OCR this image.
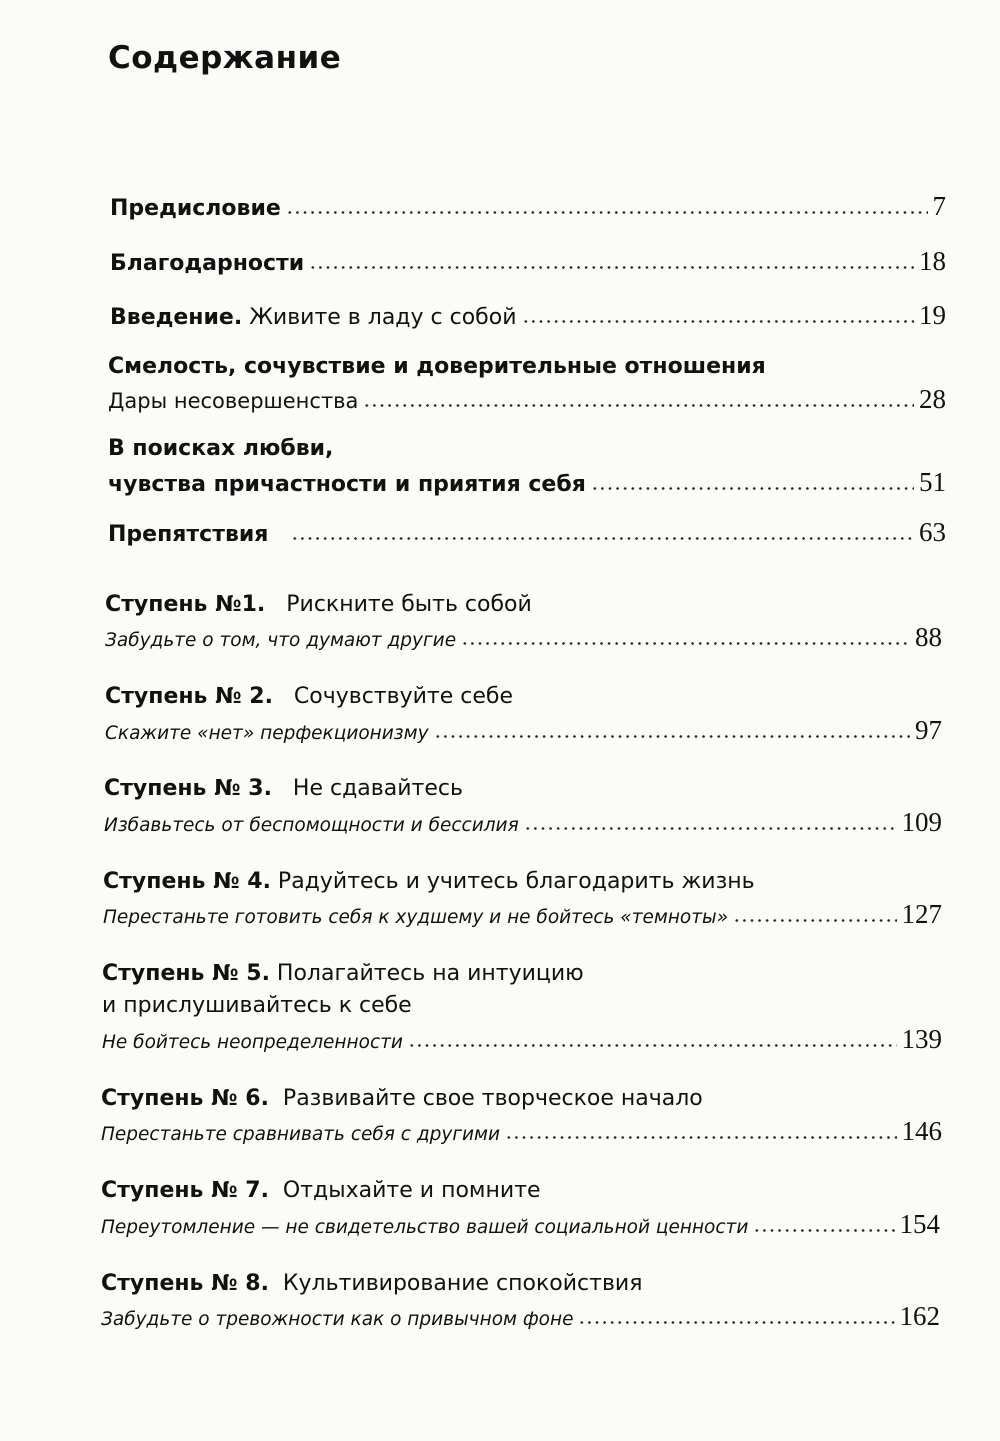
Содержание
Предисловие	7
Благодарности	18
Введение. Живите в ладу с собой	19
Смелость, сочувствие и доверительные отношения
Дары несовершенства	28
В поисках любви,
чувства причастности и приятия себя	51
Препятствия	63
Ступень №1. Рискните быть собой
Забудьте о том, что думают другие	88
Ступень № 2. Сочувствуйте себе
Скажите «нет» перфекционизму	97
Ступень № 3. Не сдавайтесь
Избавьтесь от беспомощности и бессилия	109
Ступень № 4. Радуйтесь и учитесь благодарить жизнь
Перестаньте готовить себя к худшему и не бойтесь «темноты»	127
Ступень № 5. Полагайтесь на интуицию
и прислушивайтесь к себе
Не бойтесь неопределенности	139
Ступень № 6. Развивайте свое творческое начало
Перестаньте сравнивать себя с другими	146
Ступень № 7. Отдыхайте и помните
Переутомление — не свидетельство вашей социальной ценности	154
Ступень № 8. Культивирование спокойствия
Забудьте о тревожности как о привычном фоне	162
